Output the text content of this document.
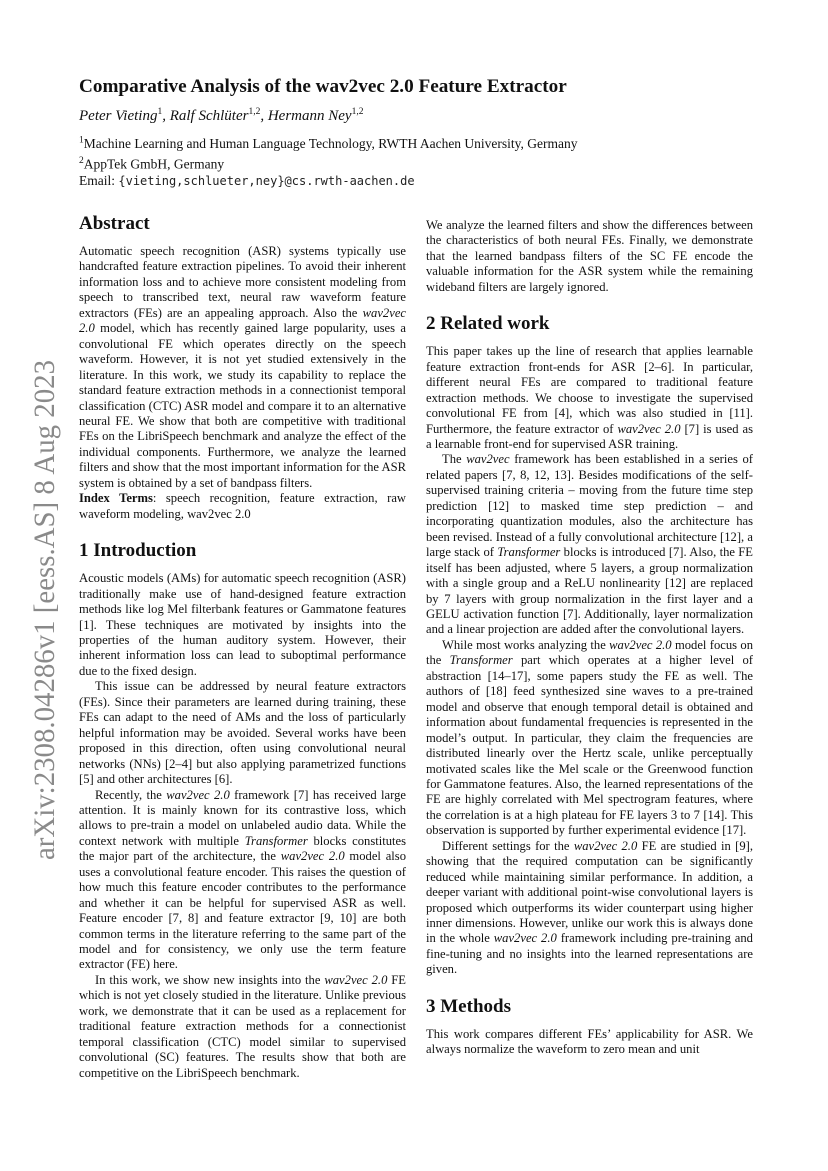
arXiv:2308.04286v1 [eess.AS] 8 Aug 2023
Comparative Analysis of the wav2vec 2.0 Feature Extractor
Peter Vieting$^1$, Ralf Schlüter$^{1,2}$, Hermann Ney$^{1,2}$
$^1$Machine Learning and Human Language Technology, RWTH Aachen University, Germany
$^2$AppTek GmbH, Germany
Email: {vieting,schlueter,ney}@cs.rwth-aachen.de
Abstract

Automatic speech recognition (ASR) systems typically use handcrafted feature extraction pipelines. To avoid their inherent information loss and to achieve more consistent modeling from speech to transcribed text, neural raw waveform feature extractors (FEs) are an appealing approach. Also the wav2vec 2.0 model, which has recently gained large popularity, uses a convolutional FE which operates directly on the speech waveform. However, it is not yet studied extensively in the literature. In this work, we study its capability to replace the standard feature extraction methods in a connectionist temporal classification (CTC) ASR model and compare it to an alternative neural FE. We show that both are competitive with traditional FEs on the LibriSpeech benchmark and analyze the effect of the individual components. Furthermore, we analyze the learned filters and show that the most important information for the ASR system is obtained by a set of bandpass filters.

Index Terms: speech recognition, feature extraction, raw waveform modeling, wav2vec 2.0

1 Introduction

Acoustic models (AMs) for automatic speech recognition (ASR) traditionally make use of hand-designed feature extraction methods like log Mel filterbank features or Gammatone features [1]. These techniques are motivated by insights into the properties of the human auditory system. However, their inherent information loss can lead to suboptimal performance due to the fixed design.

This issue can be addressed by neural feature extractors (FEs). Since their parameters are learned during training, these FEs can adapt to the need of AMs and the loss of particularly helpful information may be avoided. Several works have been proposed in this direction, often using convolutional neural networks (NNs) [2–4] but also applying parametrized functions [5] and other architectures [6].

Recently, the wav2vec 2.0 framework [7] has received large attention. It is mainly known for its contrastive loss, which allows to pre-train a model on unlabeled audio data. While the context network with multiple Transformer blocks constitutes the major part of the architecture, the wav2vec 2.0 model also uses a convolutional feature encoder. This raises the question of how much this feature encoder contributes to the performance and whether it can be helpful for supervised ASR as well. Feature encoder [7, 8] and feature extractor [9, 10] are both common terms in the literature referring to the same part of the model and for consistency, we only use the term feature extractor (FE) here.

In this work, we show new insights into the wav2vec 2.0 FE which is not yet closely studied in the literature. Unlike previous work, we demonstrate that it can be used as a replacement for traditional feature extraction methods for a connectionist temporal classification (CTC) model similar to supervised convolutional (SC) features. The results show that both are competitive on the LibriSpeech benchmark.

We analyze the learned filters and show the differences between the characteristics of both neural FEs. Finally, we demonstrate that the learned bandpass filters of the SC FE encode the valuable information for the ASR system while the remaining wideband filters are largely ignored.

2 Related work

This paper takes up the line of research that applies learnable feature extraction front-ends for ASR [2–6]. In particular, different neural FEs are compared to traditional feature extraction methods. We choose to investigate the supervised convolutional FE from [4], which was also studied in [11]. Furthermore, the feature extractor of wav2vec 2.0 [7] is used as a learnable front-end for supervised ASR training.

The wav2vec framework has been established in a series of related papers [7, 8, 12, 13]. Besides modifications of the self-supervised training criteria – moving from the future time step prediction [12] to masked time step prediction – and incorporating quantization modules, also the architecture has been revised. Instead of a fully convolutional architecture [12], a large stack of Transformer blocks is introduced [7]. Also, the FE itself has been adjusted, where 5 layers, a group normalization with a single group and a ReLU nonlinearity [12] are replaced by 7 layers with group normalization in the first layer and a GELU activation function [7]. Additionally, layer normalization and a linear projection are added after the convolutional layers.

While most works analyzing the wav2vec 2.0 model focus on the Transformer part which operates at a higher level of abstraction [14–17], some papers study the FE as well. The authors of [18] feed synthesized sine waves to a pre-trained model and observe that enough temporal detail is obtained and information about fundamental frequencies is represented in the model’s output. In particular, they claim the frequencies are distributed linearly over the Hertz scale, unlike perceptually motivated scales like the Mel scale or the Greenwood function for Gammatone features. Also, the learned representations of the FE are highly correlated with Mel spectrogram features, where the correlation is at a high plateau for FE layers 3 to 7 [14]. This observation is supported by further experimental evidence [17].

Different settings for the wav2vec 2.0 FE are studied in [9], showing that the required computation can be significantly reduced while maintaining similar performance. In addition, a deeper variant with additional point-wise convolutional layers is proposed which outperforms its wider counterpart using higher inner dimensions. However, unlike our work this is always done in the whole wav2vec 2.0 framework including pre-training and fine-tuning and no insights into the learned representations are given.

3 Methods

This work compares different FEs’ applicability for ASR. We always normalize the waveform to zero mean and unit
